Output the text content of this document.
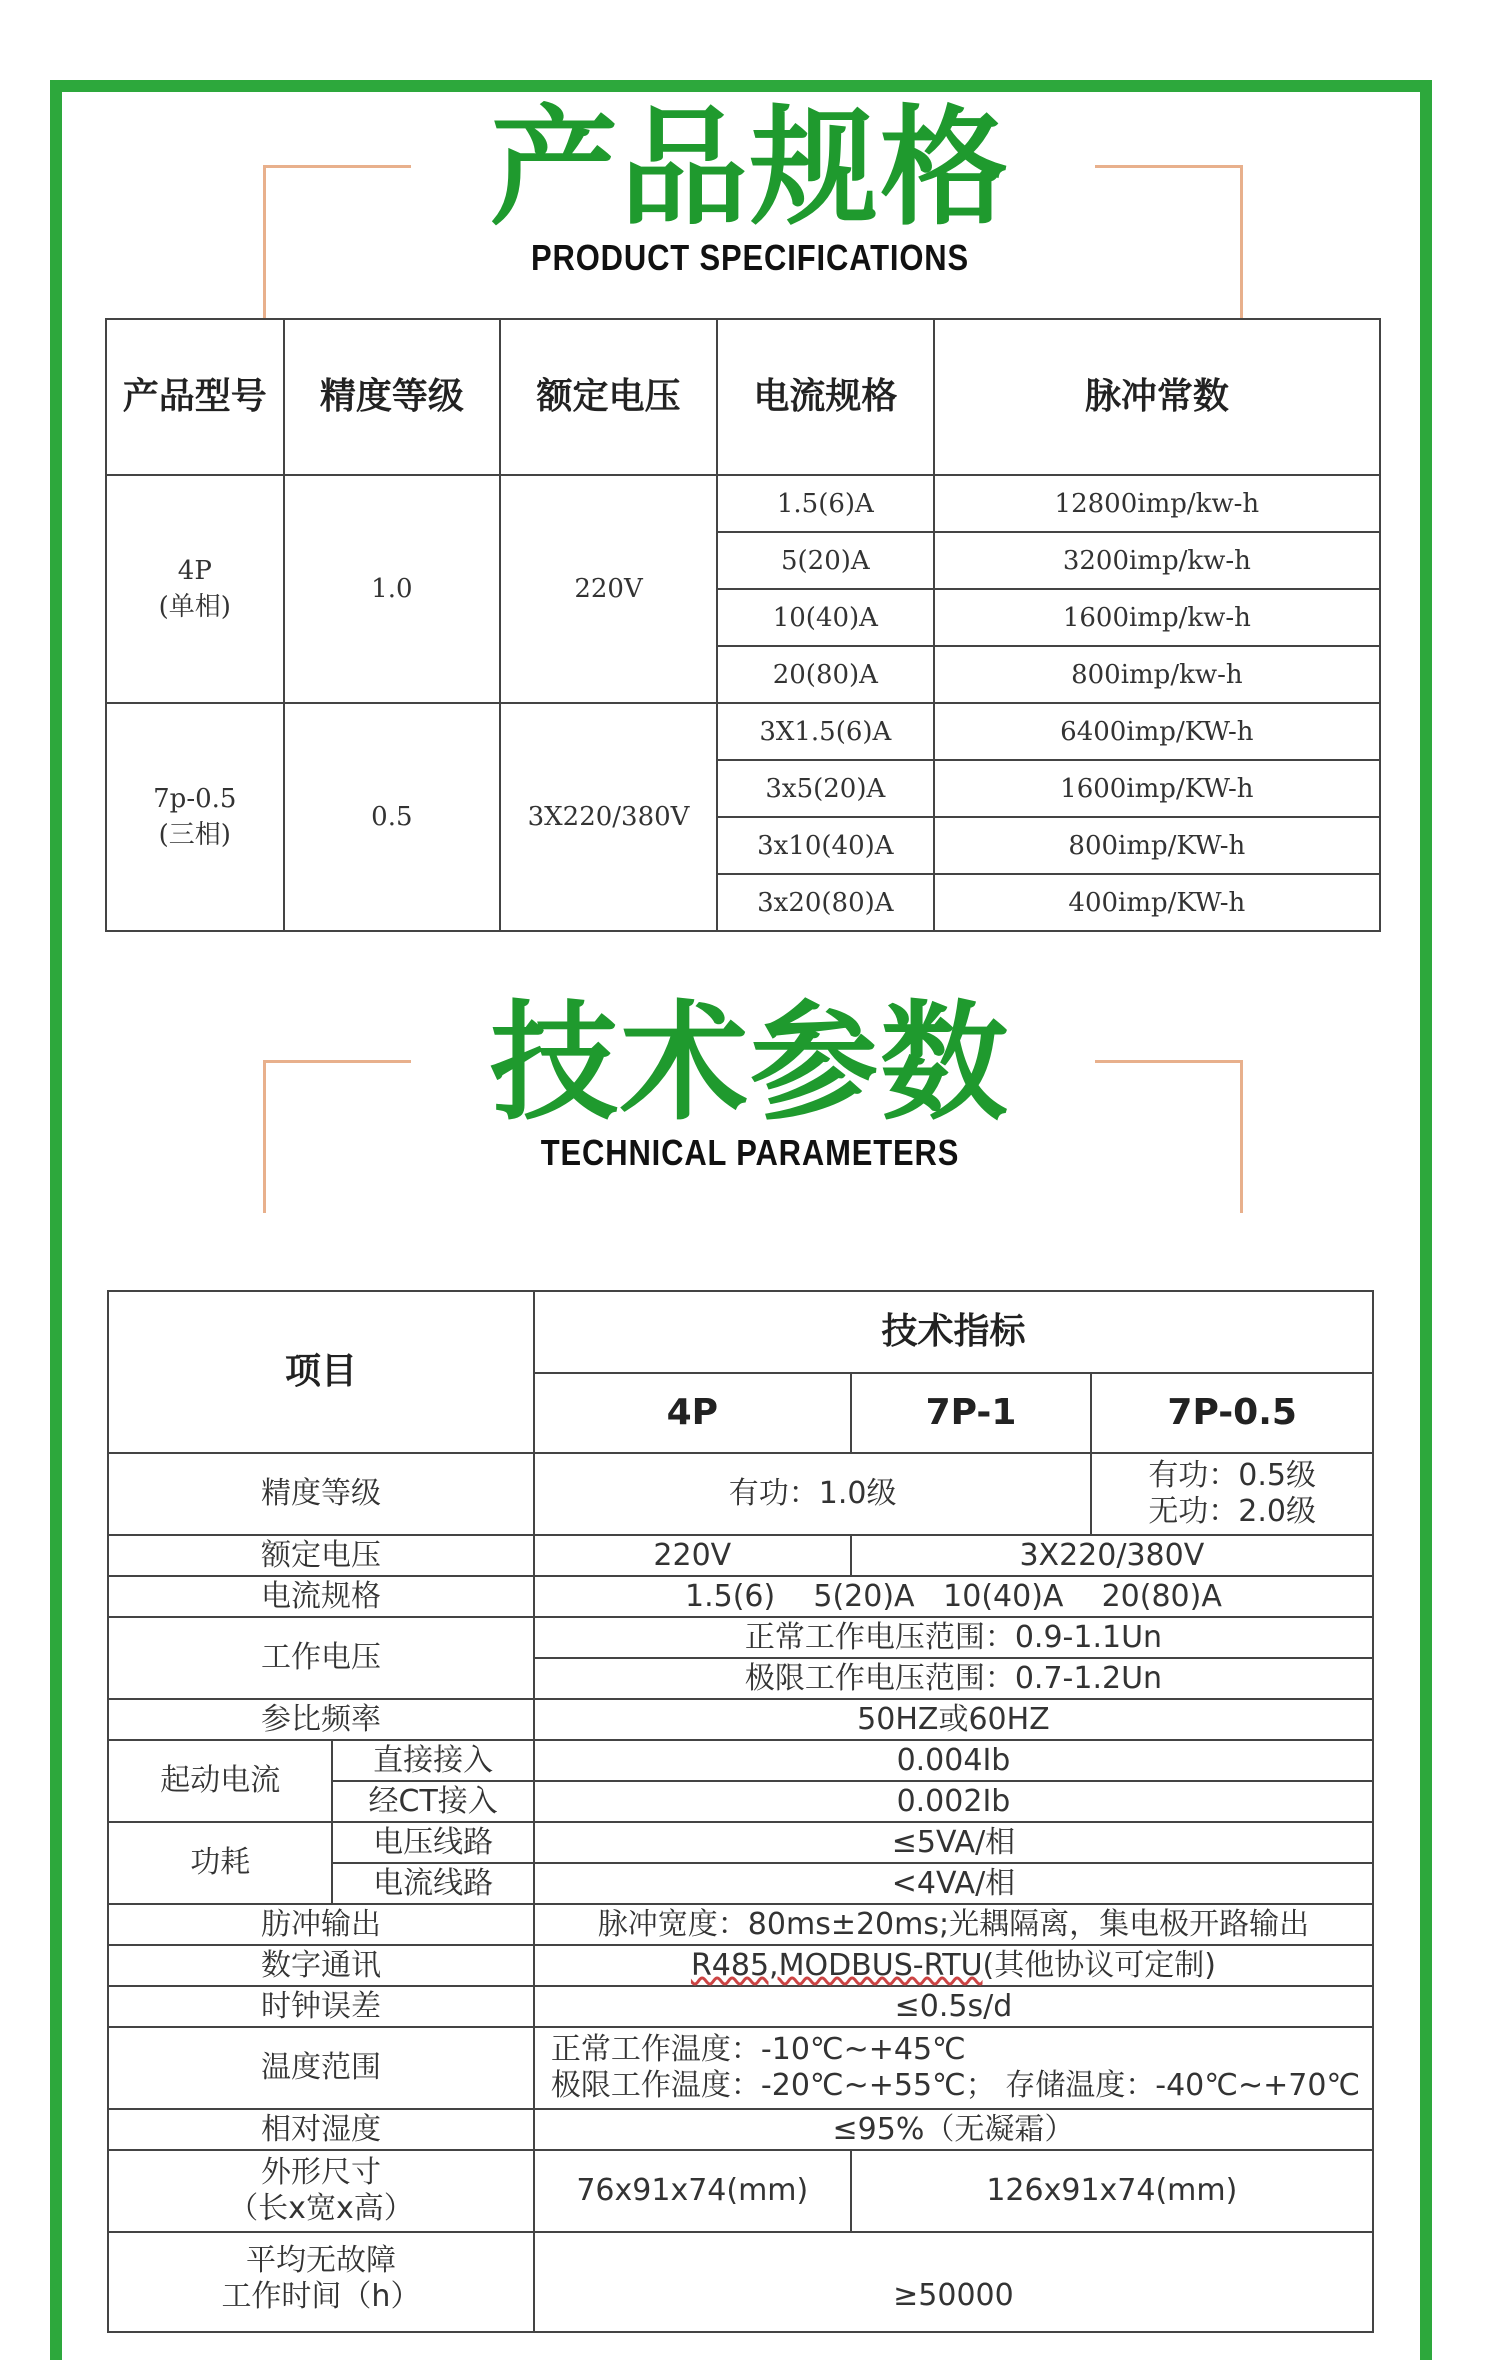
产品规格
PRODUCT SPECIFICATIONS
产品型号	精度等级	额定电压	电流规格	脉冲常数

4P
(单相)	1.0	220V	1.5(6)A	12800imp/kw-h
			5(20)A	3200imp/kw-h
			10(40)A	1600imp/kw-h
			20(80)A	800imp/kw-h

7p-0.5
(三相)	0.5	3X220/380V	3X1.5(6)A	6400imp/KW-h
			3x5(20)A	1600imp/KW-h
			3x10(40)A	800imp/KW-h
			3x20(80)A	400imp/KW-h
技术参数
TECHNICAL PARAMETERS
项目		技术指标		
		4P	7P-1	7P-0.5
精度等级		有功：1.0级		有功：0.5级
无功：2.0级

额定电压		220V	3X220/380V	
电流规格		1.5(6)    5(20)A   10(40)A    20(80)A		
工作电压		正常工作电压范围：0.9-1.1Un		
		极限工作电压范围：0.7-1.2Un		
参比频率		50HZ或60HZ		
起动电流	直接接入	0.004Ib		
	经CT接入	0.002Ib		
功耗	电压线路	≤5VA/相		
	电流线路	<4VA/相		
肪冲输出		脉冲宽度：80ms±20ms;光耦隔离，集电极开路输出		
数字通讯		R485,MODBUS-RTU(其他协议可定制)		
时钟误差		≤0.5s/d		
温度范围		正常工作温度：-10℃~+45℃
极限工作温度：-20℃~+55℃； 存储温度：-40℃~+70℃		

相对湿度		≤95%（无凝霜）		

外形尺寸
（长x宽x高）		76x91x74(mm)	126x91x74(mm)	

平均无故障
工作时间（h）		≥50000		
